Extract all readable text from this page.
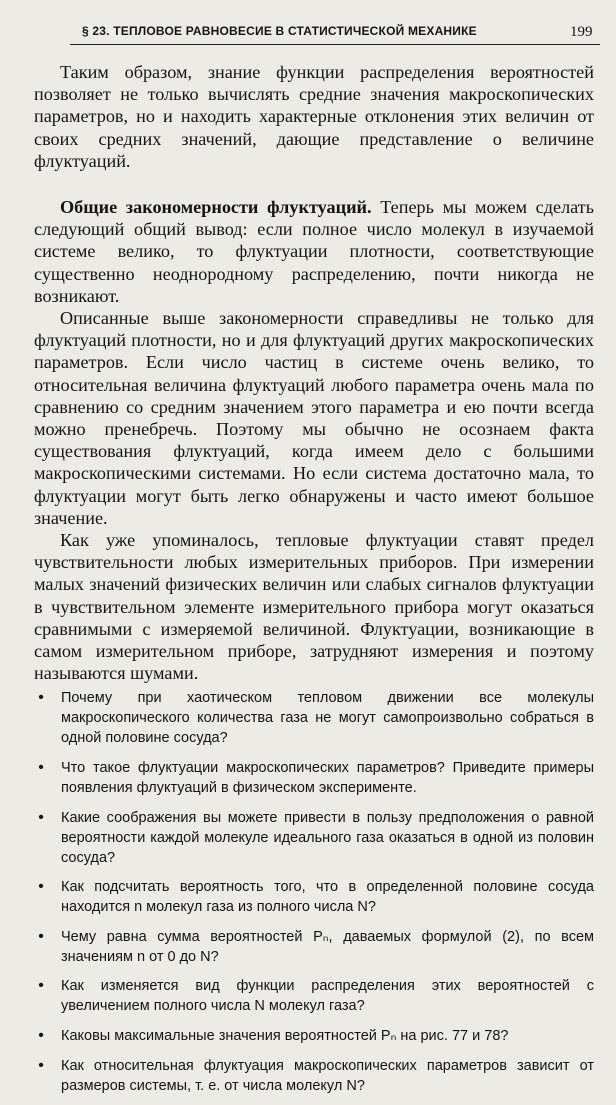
§ 23. ТЕПЛОВОЕ РАВНОВЕСИЕ В СТАТИСТИЧЕСКОЙ МЕХАНИКЕ	199

Таким образом, знание функции распределения вероятностей позволяет не только вычислять средние значения макроскопических параметров, но и находить характерные отклонения этих величин от своих средних значений, дающие представление о величине флуктуаций.

Общие закономерности флуктуаций. Теперь мы можем сделать следующий общий вывод: если полное число молекул в изучаемой системе велико, то флуктуации плотности, соответствующие существенно неоднородному распределению, почти никогда не возникают.

Описанные выше закономерности справедливы не только для флуктуаций плотности, но и для флуктуаций других макроскопических параметров. Если число частиц в системе очень велико, то относительная величина флуктуаций любого параметра очень мала по сравнению со средним значением этого параметра и ею почти всегда можно пренебречь. Поэтому мы обычно не осознаем факта существования флуктуаций, когда имеем дело с большими макроскопическими системами. Но если система достаточно мала, то флуктуации могут быть легко обнаружены и часто имеют большое значение.

Как уже упоминалось, тепловые флуктуации ставят предел чувствительности любых измерительных приборов. При измерении малых значений физических величин или слабых сигналов флуктуации в чувствительном элементе измерительного прибора могут оказаться сравнимыми с измеряемой величиной. Флуктуации, возникающие в самом измерительном приборе, затрудняют измерения и поэтому называются шумами.

• Почему при хаотическом тепловом движении все молекулы макроскопического количества газа не могут самопроизвольно собраться в одной половине сосуда?
• Что такое флуктуации макроскопических параметров? Приведите примеры появления флуктуаций в физическом эксперименте.
• Какие соображения вы можете привести в пользу предположения о равной вероятности каждой молекуле идеального газа оказаться в одной из половин сосуда?
• Как подсчитать вероятность того, что в определенной половине сосуда находится n молекул газа из полного числа N?
• Чему равна сумма вероятностей Pₙ, даваемых формулой (2), по всем значениям n от 0 до N?
• Как изменяется вид функции распределения этих вероятностей с увеличением полного числа N молекул газа?
• Каковы максимальные значения вероятностей Pₙ на рис. 77 и 78?
• Как относительная флуктуация макроскопических параметров зависит от размеров системы, т. е. от числа молекул N?
